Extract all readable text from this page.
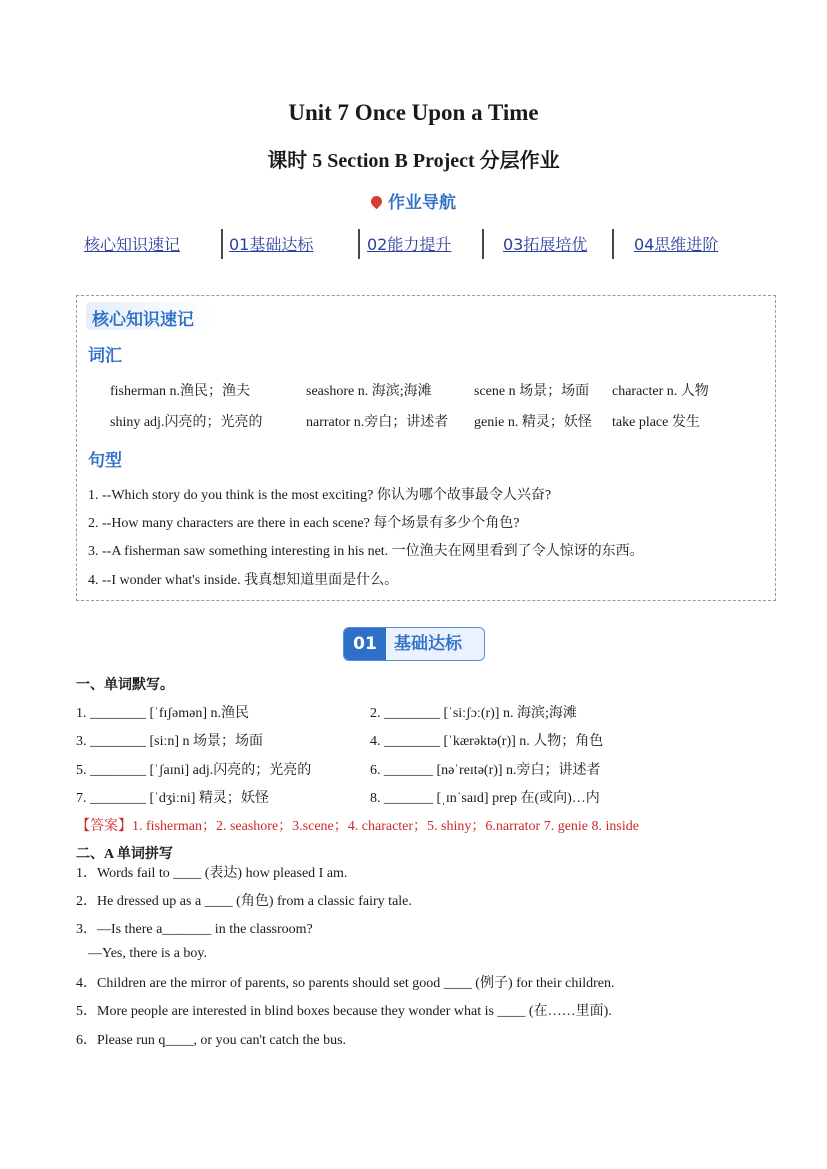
Unit 7 Once Upon a Time
课时 5 Section B Project 分层作业
作业导航
核心知识速记	01基础达标	02能力提升	03拓展培优	04思维进阶
核心知识速记
词汇
fisherman n.渔民；渔夫	seashore n. 海滨;海滩	scene n 场景；场面 character n. 人物
shiny adj.闪亮的；光亮的	narrator n.旁白；讲述者 genie n. 精灵；妖怪 take place 发生
句型
1. --Which story do you think is the most exciting? 你认为哪个故事最令人兴奋?
2. --How many characters are there in each scene? 每个场景有多少个角色?
3. --A fisherman saw something interesting in his net. 一位渔夫在网里看到了令人惊讶的东西。
4. --I wonder what's inside. 我真想知道里面是什么。
01	基础达标
一、单词默写。
1. ________ [ˈfɪʃəmən] n.渔民	2. ________ [ˈsiːʃɔː(r)] n. 海滨;海滩
3. ________ [siːn] n 场景；场面	4. ________ [ˈkærəktə(r)] n. 人物；角色
5. ________ [ˈʃaɪni] adj.闪亮的；光亮的	6. _______ [nəˈreɪtə(r)] n.旁白；讲述者
7. ________ [ˈdʒiːni] 精灵；妖怪	8. _______ [ˌɪnˈsaɪd] prep 在(或向)…内
【答案】1. fisherman；2. seashore；3.scene；4. character；5. shiny；6.narrator 7. genie 8. inside
二、A 单词拼写
1．Words fail to ____ (表达) how pleased I am.
2．He dressed up as a ____ (角色) from a classic fairy tale.
3．—Is there a_______ in the classroom?
—Yes, there is a boy.
4．Children are the mirror of parents, so parents should set good ____ (例子) for their children.
5．More people are interested in blind boxes because they wonder what is ____ (在……里面).
6．Please run q____, or you can't catch the bus.
